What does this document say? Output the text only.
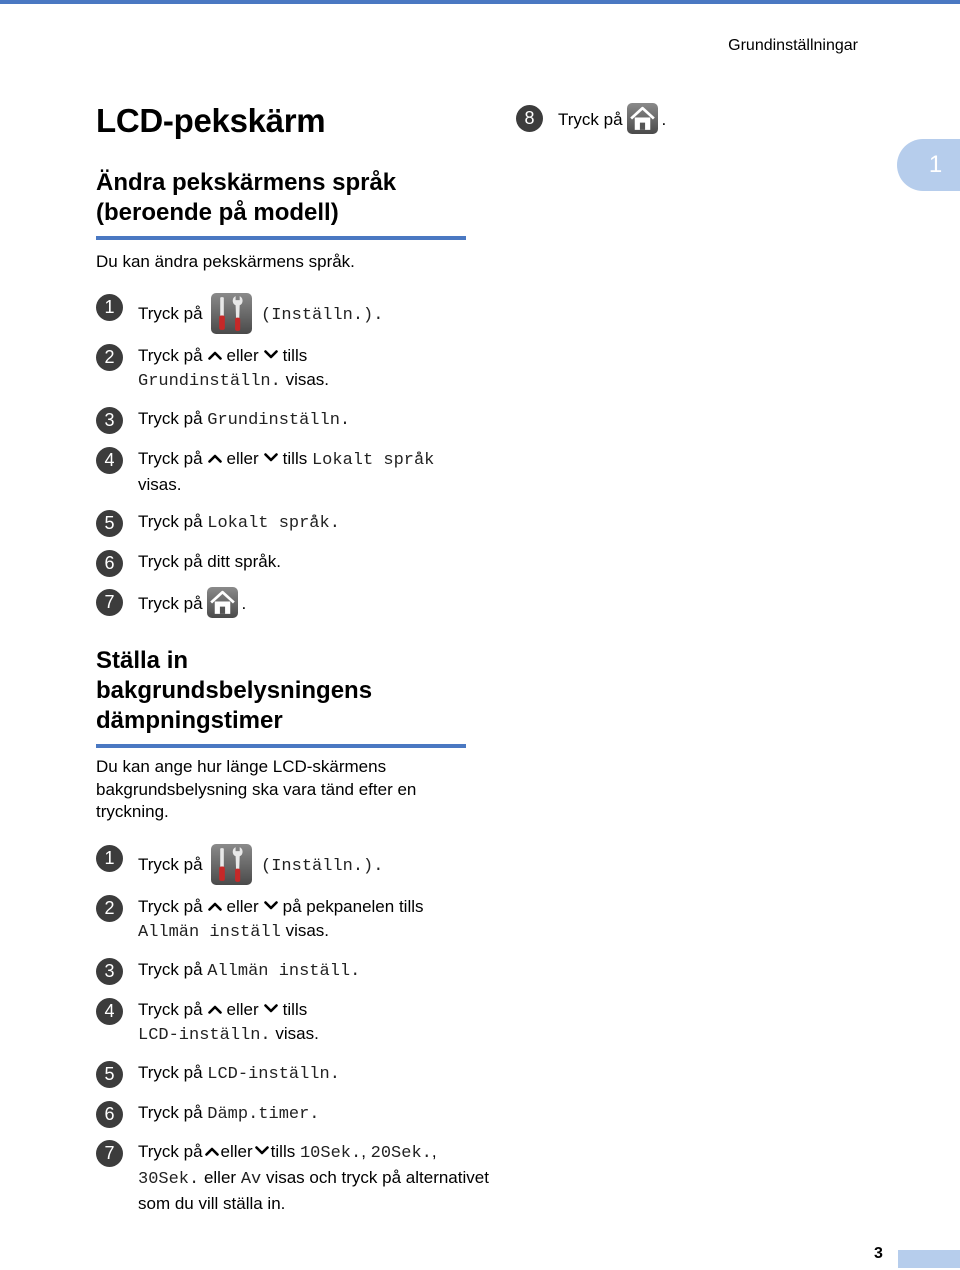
Grundinställningar
1
LCD-pekskärm
Ändra pekskärmens språk
(beroende på modell)

Du kan ändra pekskärmens språk.

1	Tryck på	(Inställn.).
2	Tryck på eller tills
Grundinställn. visas.
3	Tryck på Grundinställn.
4	Tryck på eller tills Lokalt språk
visas.
5	Tryck på Lokalt språk.
6	Tryck på ditt språk.
7	Tryck på .
8	Tryck på .
Ställa in
bakgrundsbelysningens
dämpningstimer

Du kan ange hur länge LCD-skärmens bakgrundsbelysning ska vara tänd efter en tryckning.

1	Tryck på	(Inställn.).
2	Tryck på eller på pekpanelen tills
Allmän inställ visas.
3	Tryck på Allmän inställ.
4	Tryck på eller tills
LCD-inställn. visas.
5	Tryck på LCD-inställn.
6	Tryck på Dämp.timer.
7	Tryck på eller tills 10Sek., 20Sek.,
30Sek. eller Av visas och tryck på alternativet som du vill ställa in.
3
